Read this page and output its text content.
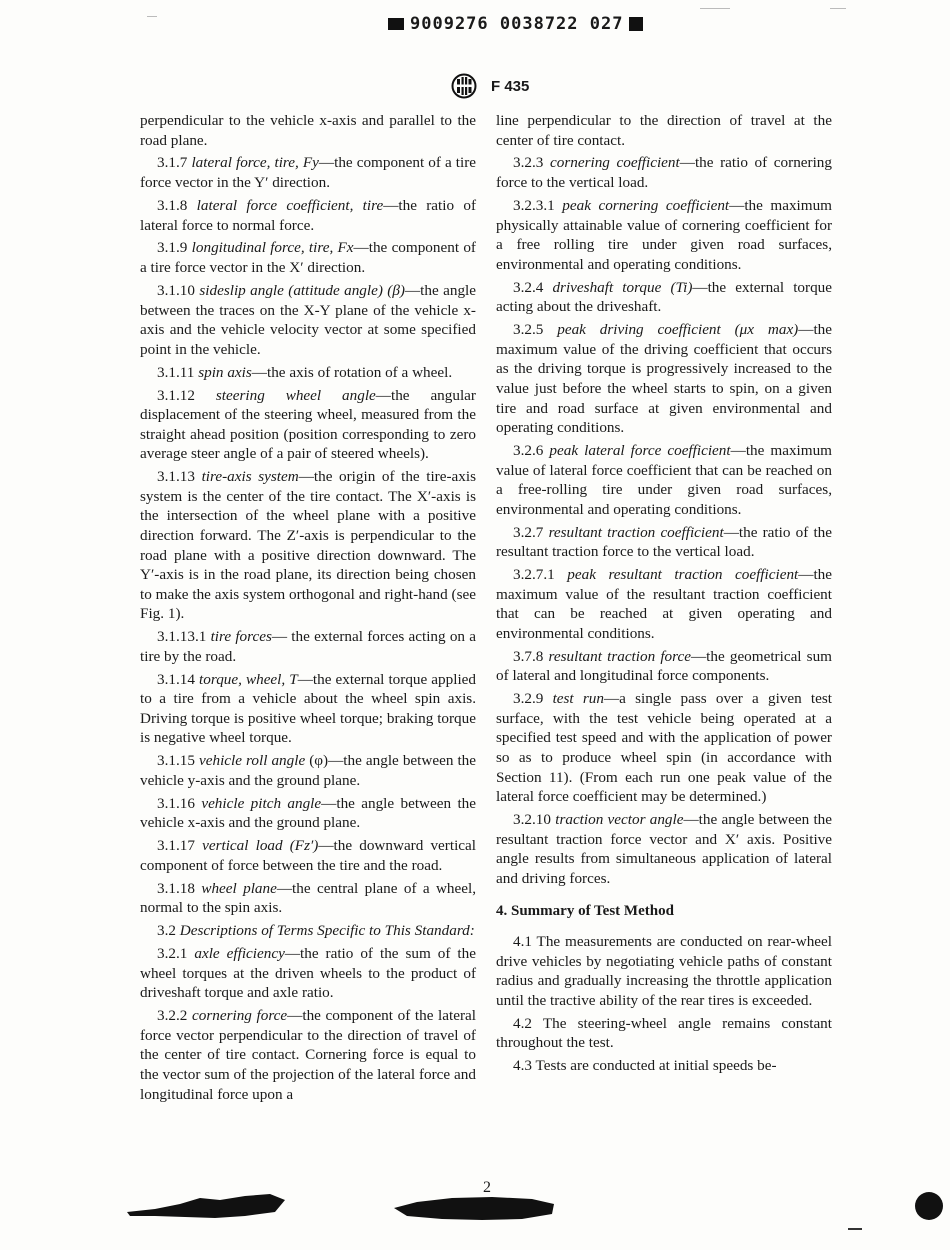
9009276 0038722 027
F 435

perpendicular to the vehicle x-axis and parallel to the road plane.

3.1.7 lateral force, tire, Fy—the component of a tire force vector in the Y′ direction.

3.1.8 lateral force coefficient, tire—the ratio of lateral force to normal force.

3.1.9 longitudinal force, tire, Fx—the component of a tire force vector in the X′ direction.

3.1.10 sideslip angle (attitude angle) (β)—the angle between the traces on the X-Y plane of the vehicle x-axis and the vehicle velocity vector at some specified point in the vehicle.

3.1.11 spin axis—the axis of rotation of a wheel.

3.1.12 steering wheel angle—the angular displacement of the steering wheel, measured from the straight ahead position (position corresponding to zero average steer angle of a pair of steered wheels).

3.1.13 tire-axis system—the origin of the tire-axis system is the center of the tire contact. The X′-axis is the intersection of the wheel plane with a positive direction forward. The Z′-axis is perpendicular to the road plane with a positive direction downward. The Y′-axis is in the road plane, its direction being chosen to make the axis system orthogonal and right-hand (see Fig. 1).

3.1.13.1 tire forces— the external forces acting on a tire by the road.

3.1.14 torque, wheel, T—the external torque applied to a tire from a vehicle about the wheel spin axis. Driving torque is positive wheel torque; braking torque is negative wheel torque.

3.1.15 vehicle roll angle (φ)—the angle between the vehicle y-axis and the ground plane.

3.1.16 vehicle pitch angle—the angle between the vehicle x-axis and the ground plane.

3.1.17 vertical load (Fz′)—the downward vertical component of force between the tire and the road.

3.1.18 wheel plane—the central plane of a wheel, normal to the spin axis.

3.2 Descriptions of Terms Specific to This Standard:

3.2.1 axle efficiency—the ratio of the sum of the wheel torques at the driven wheels to the product of driveshaft torque and axle ratio.

3.2.2 cornering force—the component of the lateral force vector perpendicular to the direction of travel of the center of tire contact. Cornering force is equal to the vector sum of the projection of the lateral force and longitudinal force upon a

line perpendicular to the direction of travel at the center of tire contact.

3.2.3 cornering coefficient—the ratio of cornering force to the vertical load.

3.2.3.1 peak cornering coefficient—the maximum physically attainable value of cornering coefficient for a free rolling tire under given road surfaces, environmental and operating conditions.

3.2.4 driveshaft torque (Ti)—the external torque acting about the driveshaft.

3.2.5 peak driving coefficient (μx max)—the maximum value of the driving coefficient that occurs as the driving torque is progressively increased to the value just before the wheel starts to spin, on a given tire and road surface at given environmental and operating conditions.

3.2.6 peak lateral force coefficient—the maximum value of lateral force coefficient that can be reached on a free-rolling tire under given road surfaces, environmental and operating conditions.

3.2.7 resultant traction coefficient—the ratio of the resultant traction force to the vertical load.

3.2.7.1 peak resultant traction coefficient—the maximum value of the resultant traction coefficient that can be reached at given operating and environmental conditions.

3.7.8 resultant traction force—the geometrical sum of lateral and longitudinal force components.

3.2.9 test run—a single pass over a given test surface, with the test vehicle being operated at a specified test speed and with the application of power so as to produce wheel spin (in accordance with Section 11). (From each run one peak value of the lateral force coefficient may be determined.)

3.2.10 traction vector angle—the angle between the resultant traction force vector and X′ axis. Positive angle results from simultaneous application of lateral and driving forces.

4. Summary of Test Method

4.1 The measurements are conducted on rear-wheel drive vehicles by negotiating vehicle paths of constant radius and gradually increasing the throttle application until the tractive ability of the rear tires is exceeded.

4.2 The steering-wheel angle remains constant throughout the test.

4.3 Tests are conducted at initial speeds be-

2
